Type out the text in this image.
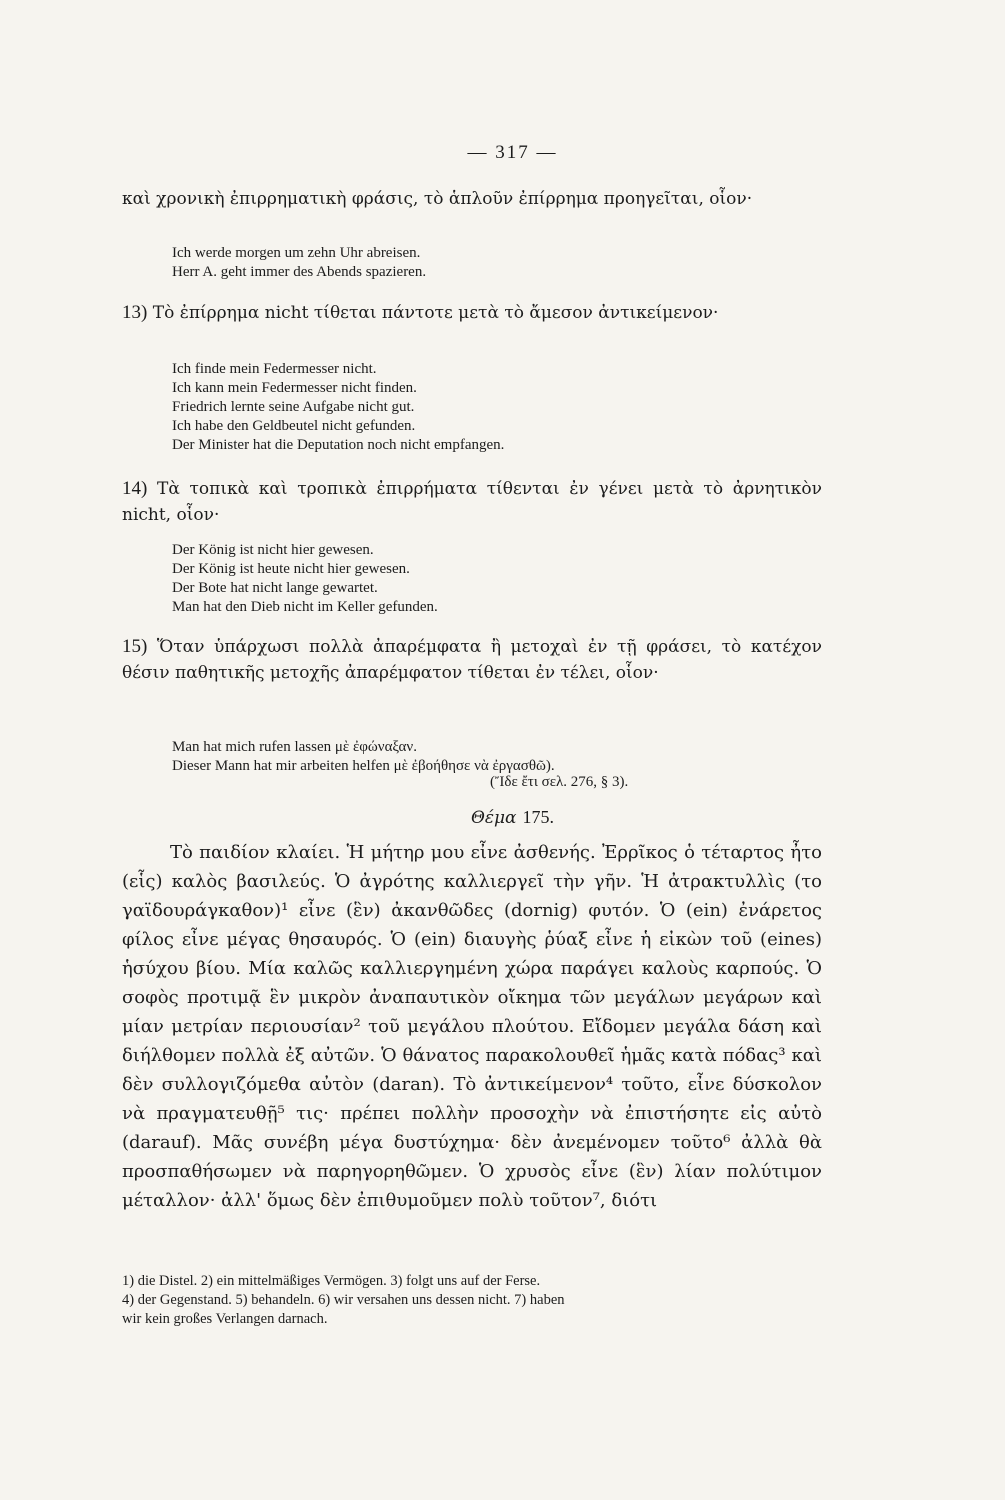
— 317 —
καὶ χρονικὴ ἐπιρρηματικὴ φράσις, τὸ ἁπλοῦν ἐπίρρημα προηγεῖται, οἷον·
Ich werde morgen um zehn Uhr abreisen.
Herr A. geht immer des Abends spazieren.
13) Τὸ ἐπίρρημα nicht τίθεται πάντοτε μετὰ τὸ ἄμεσον ἀντικείμενον·
Ich finde mein Federmesser nicht.
Ich kann mein Federmesser nicht finden.
Friedrich lernte seine Aufgabe nicht gut.
Ich habe den Geldbeutel nicht gefunden.
Der Minister hat die Deputation noch nicht empfangen.
14) Τὰ τοπικὰ καὶ τροπικὰ ἐπιρρήματα τίθενται ἐν γένει μετὰ τὸ ἀρνητικὸν nicht, οἷον·
Der König ist nicht hier gewesen.
Der König ist heute nicht hier gewesen.
Der Bote hat nicht lange gewartet.
Man hat den Dieb nicht im Keller gefunden.
15) Ὅταν ὑπάρχωσι πολλὰ ἀπαρέμφατα ἢ μετοχαὶ ἐν τῇ φράσει, τὸ κατέχον θέσιν παθητικῆς μετοχῆς ἀπαρέμφατον τίθεται ἐν τέλει, οἷον·
Man hat mich rufen lassen μὲ ἐφώναξαν.
Dieser Mann hat mir arbeiten helfen μὲ ἐβοήθησε νὰ ἐργασθῶ).
(Ἴδε ἔτι σελ. 276, § 3).
Θέμα 175.
Τὸ παιδίον κλαίει. Ἡ μήτηρ μου εἶνε ἀσθενής. Ἐρρῖκος ὁ τέταρτος ἦτο (εἷς) καλὸς βασιλεύς. Ὁ ἀγρότης καλλιεργεῖ τὴν γῆν. Ἡ ἀτρακτυλλὶς (το γαϊδουράγκαθον)¹ εἶνε (ἓν) ἀκανθῶδες (dornig) φυτόν. Ὁ (ein) ἐνάρετος φίλος εἶνε μέγας θησαυρός. Ὁ (ein) διαυγὴς ῥύαξ εἶνε ἡ εἰκὼν τοῦ (eines) ἡσύχου βίου. Μία καλῶς καλλιεργημένη χώρα παράγει καλοὺς καρπούς. Ὁ σοφὸς προτιμᾷ ἓν μικρὸν ἀναπαυτικὸν οἴκημα τῶν μεγάλων μεγάρων καὶ μίαν μετρίαν περιουσίαν² τοῦ μεγάλου πλούτου. Εἴδομεν μεγάλα δάση καὶ διήλθομεν πολλὰ ἐξ αὐτῶν. Ὁ θάνατος παρακολουθεῖ ἡμᾶς κατὰ πόδας³ καὶ δὲν συλλογιζόμεθα αὐτὸν (daran). Τὸ ἀντικείμενον⁴ τοῦτο, εἶνε δύσκολον νὰ πραγματευθῇ⁵ τις· πρέπει πολλὴν προσοχὴν νὰ ἐπιστήσητε εἰς αὐτὸ (darauf). Μᾶς συνέβη μέγα δυστύχημα· δὲν ἀνεμένομεν τοῦτο⁶ ἀλλὰ θὰ προσπαθήσωμεν νὰ παρηγορηθῶμεν. Ὁ χρυσὸς εἶνε (ἓν) λίαν πολύτιμον μέταλλον· ἀλλ' ὅμως δὲν ἐπιθυμοῦμεν πολὺ τοῦτον⁷, διότι
1) die Distel. 2) ein mittelmäßiges Vermögen. 3) folgt uns auf der Ferse.
4) der Gegenstand. 5) behandeln. 6) wir versahen uns dessen nicht. 7) haben
wir kein großes Verlangen darnach.
